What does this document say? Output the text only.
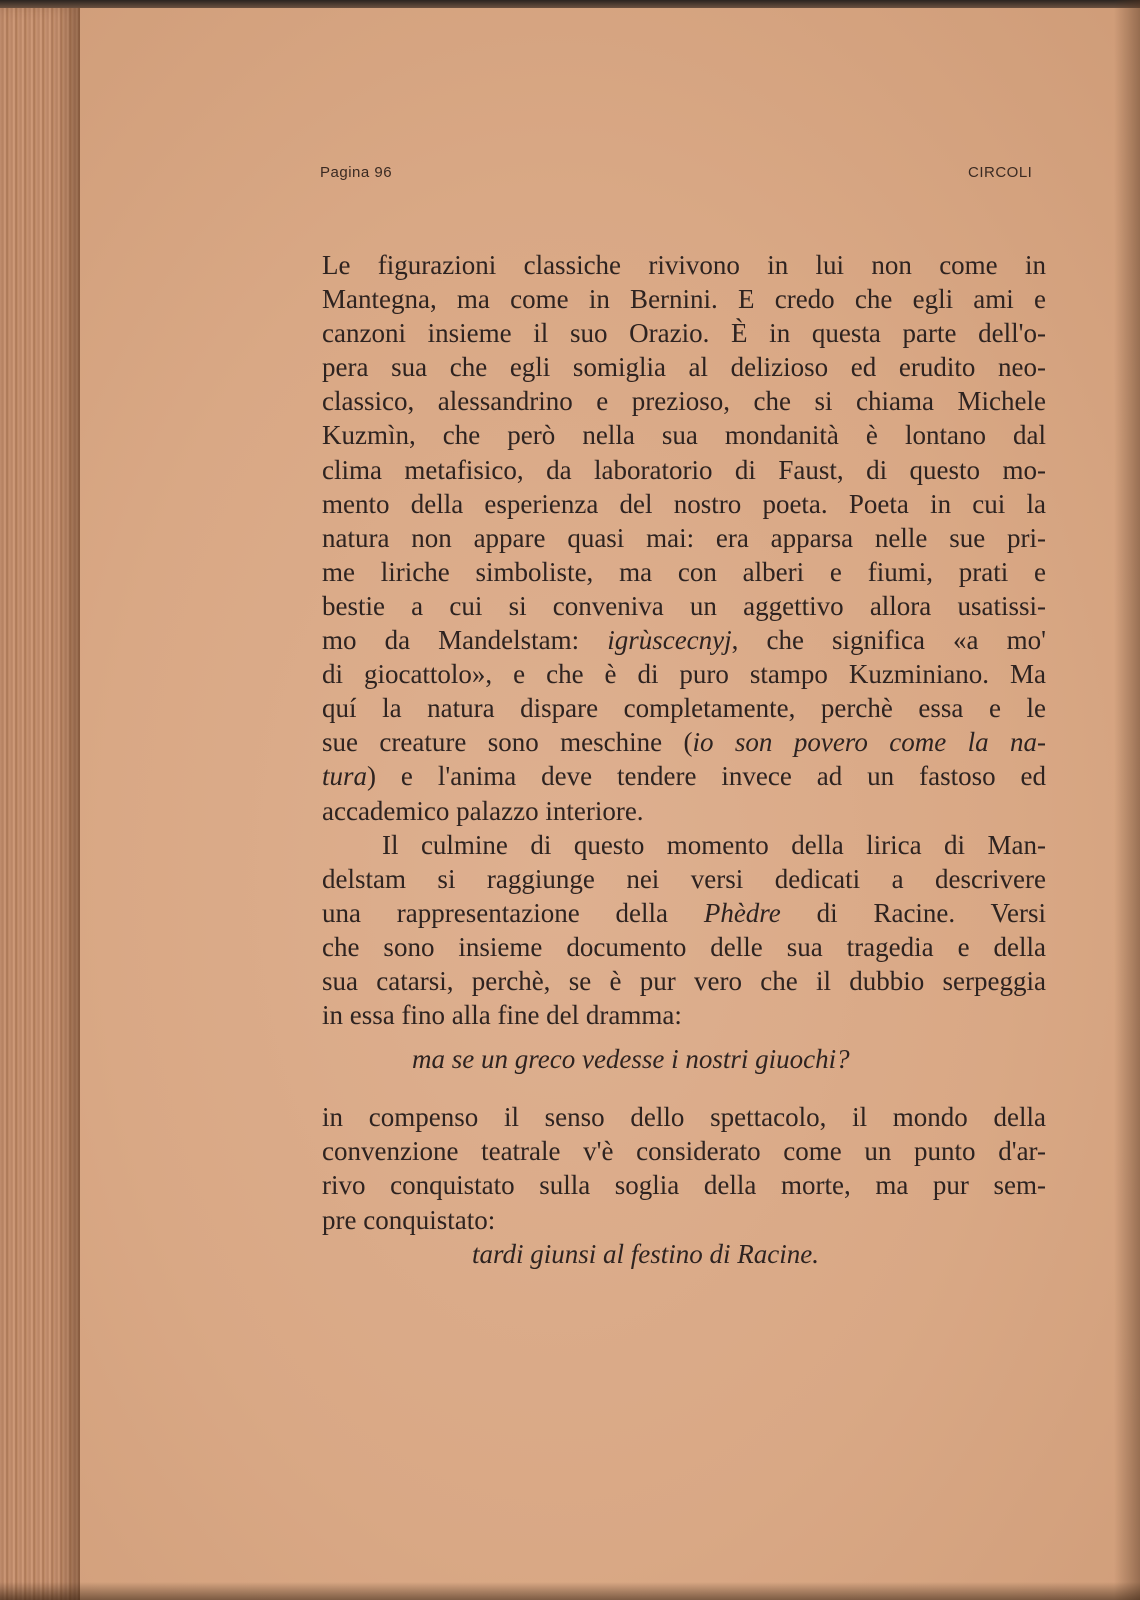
Pagina 96	CIRCOLI
Le figurazioni classiche rivivono in lui non come in
Mantegna, ma come in Bernini. E credo che egli ami e
canzoni insieme il suo Orazio. È in questa parte dell'o-
pera sua che egli somiglia al delizioso ed erudito neo-
classico, alessandrino e prezioso, che si chiama Michele
Kuzmìn, che però nella sua mondanità è lontano dal
clima metafisico, da laboratorio di Faust, di questo mo-
mento della esperienza del nostro poeta. Poeta in cui la
natura non appare quasi mai: era apparsa nelle sue pri-
me liriche simboliste, ma con alberi e fiumi, prati e
bestie a cui si conveniva un aggettivo allora usatissi-
mo da Mandelstam: igrùscecnyj, che significa «a mo'
di giocattolo», e che è di puro stampo Kuzminiano. Ma
quí la natura dispare completamente, perchè essa e le
sue creature sono meschine (io son povero come la na-
tura) e l'anima deve tendere invece ad un fastoso ed
accademico palazzo interiore.
Il culmine di questo momento della lirica di Man-
delstam si raggiunge nei versi dedicati a descrivere
una rappresentazione della Phèdre di Racine. Versi
che sono insieme documento delle sua tragedia e della
sua catarsi, perchè, se è pur vero che il dubbio serpeggia
in essa fino alla fine del dramma:
ma se un greco vedesse i nostri giuochi?
in compenso il senso dello spettacolo, il mondo della
convenzione teatrale v'è considerato come un punto d'ar-
rivo conquistato sulla soglia della morte, ma pur sem-
pre conquistato:
tardi giunsi al festino di Racine.
